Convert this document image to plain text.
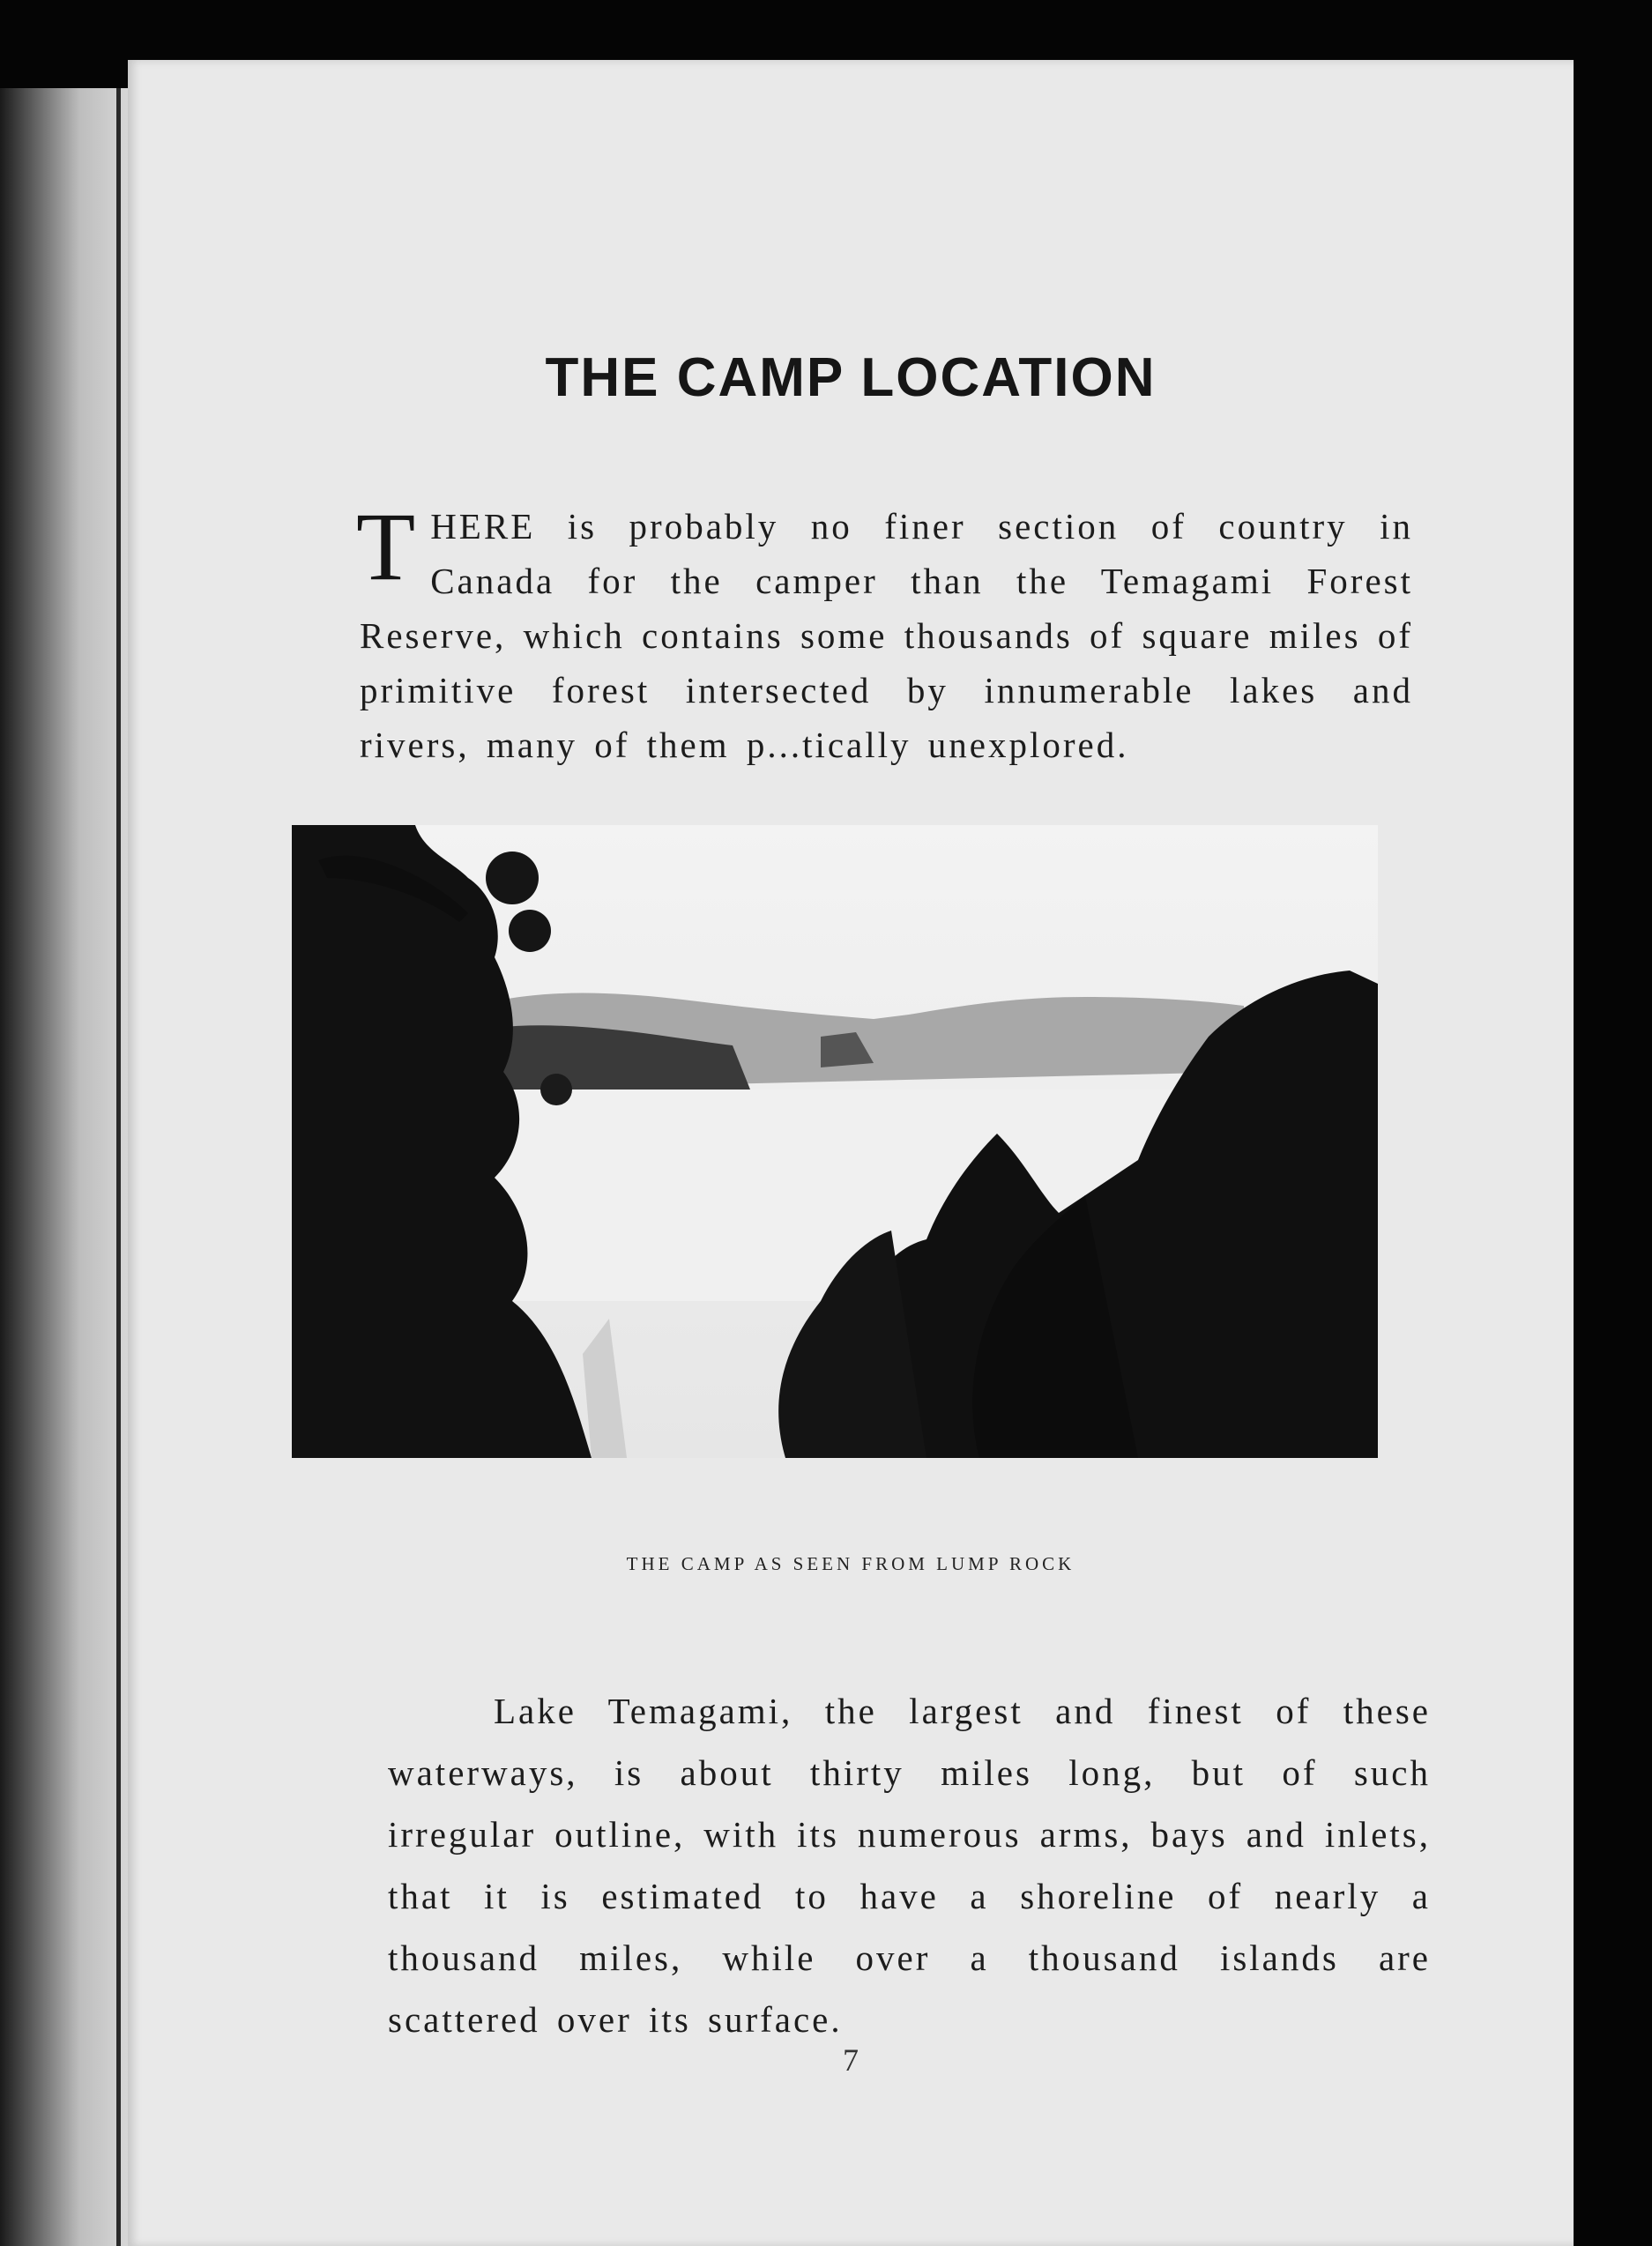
THE CAMP LOCATION

THERE is probably no finer section of country in Canada for the camper than the Temagami Forest Reserve, which contains some thousands of square miles of primitive forest intersected by innumerable lakes and rivers, many of them p...tically unexplored.

THE CAMP AS SEEN FROM LUMP ROCK

Lake Temagami, the largest and finest of these waterways, is about thirty miles long, but of such irregular outline, with its numerous arms, bays and inlets, that it is estimated to have a shoreline of nearly a thousand miles, while over a thousand islands are scattered over its surface.

7
